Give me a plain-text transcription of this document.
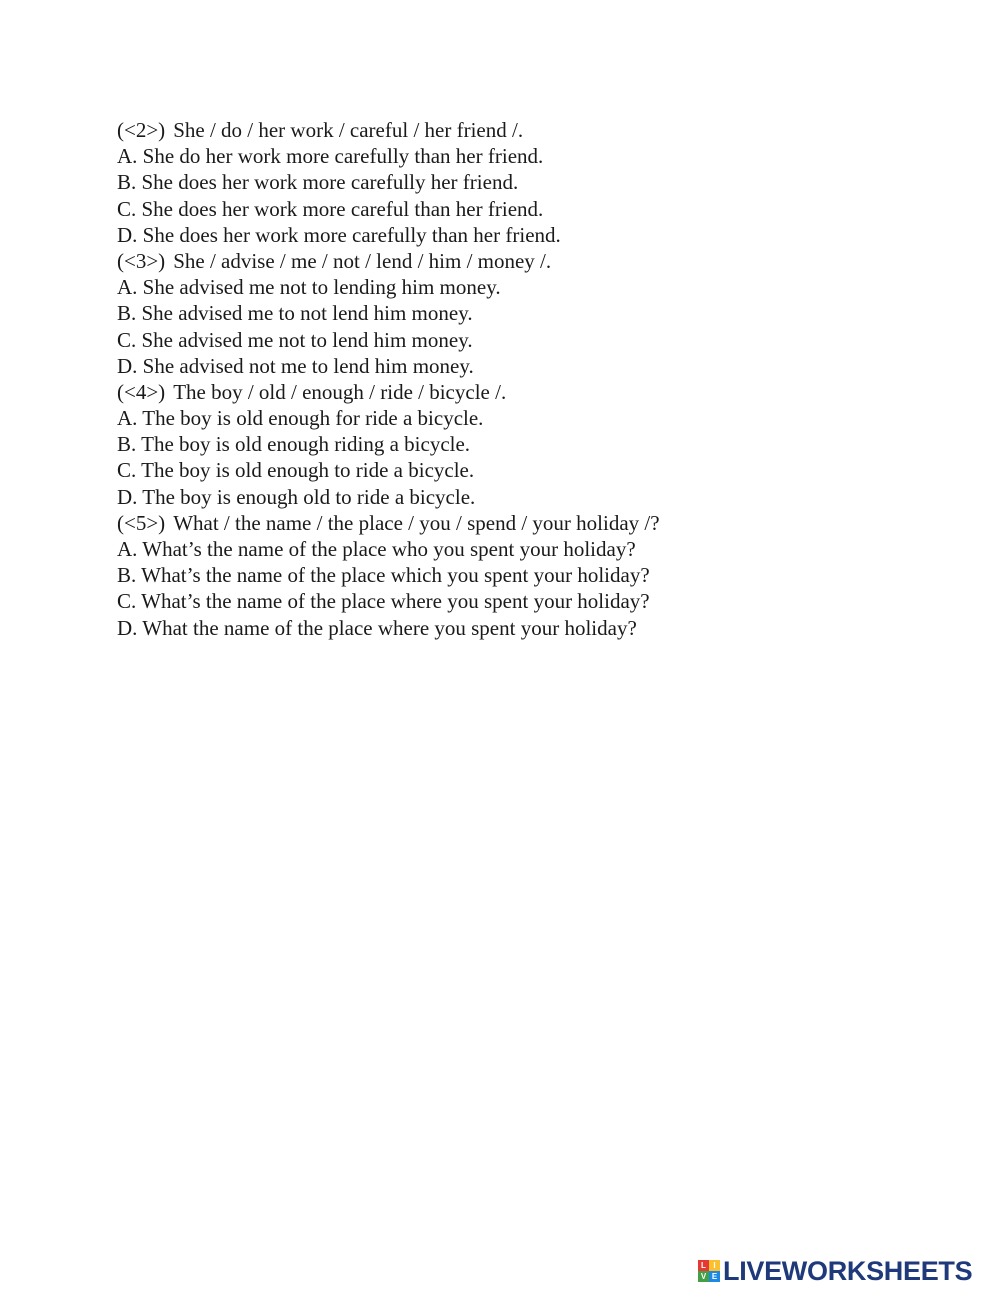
(<2>) She / do / her work / careful / her friend /.
A. She do her work more carefully than her friend.
B. She does her work more carefully her friend.
C. She does her work more careful than her friend.
D. She does her work more carefully than her friend.
(<3>) She / advise / me / not / lend / him / money /.
A. She advised me not to lending him money.
B. She advised me to not lend him money.
C. She advised me not to lend him money.
D. She advised not me to lend him money.
(<4>) The boy / old / enough / ride / bicycle /.
A. The boy is old enough for ride a bicycle.
B. The boy is old enough riding a bicycle.
C. The boy is old enough to ride a bicycle.
D. The boy is enough old to ride a bicycle.
(<5>) What / the name / the place / you / spend / your holiday /?
A. What’s the name of the place who you spent your holiday?
B. What’s the name of the place which you spent your holiday?
C. What’s the name of the place where you spent your holiday?
D. What the name of the place where you spent your holiday?
L I
V E LIVEWORKSHEETS
